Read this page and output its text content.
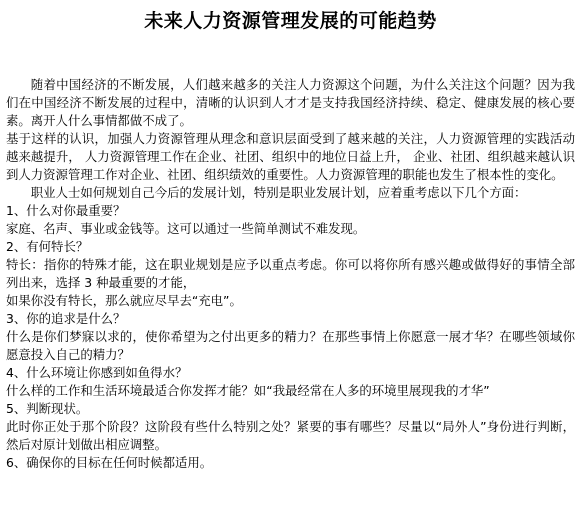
未来人力资源管理发展的可能趋势

随着中国经济的不断发展，人们越来越多的关注人力资源这个问题，为什么关注这个问题？因为我们在中国经济不断发展的过程中，清晰的认识到人才才是支持我国经济持续、稳定、健康发展的核心要素。离开人什么事情都做不成了。

基于这样的认识，加强人力资源管理从理念和意识层面受到了越来越的关注，人力资源管理的实践活动越来越提升， 人力资源管理工作在企业、社团、组织中的地位日益上升， 企业、社团、组织越来越认识到人力资源管理工作对企业、社团、组织绩效的重要性。人力资源管理的职能也发生了根本性的变化。

职业人士如何规划自己今后的发展计划，特别是职业发展计划，应着重考虑以下几个方面：

1、什么对你最重要？

家庭、名声、事业或金钱等。这可以通过一些简单测试不难发现。

2、有何特长？

特长：指你的特殊才能，这在职业规划是应予以重点考虑。你可以将你所有感兴趣或做得好的事情全部列出来，选择 3 种最重要的才能，

如果你没有特长，那么就应尽早去“充电”。

3、你的追求是什么？

什么是你们梦寐以求的，使你希望为之付出更多的精力？在那些事情上你愿意一展才华？在哪些领域你愿意投入自己的精力？

4、什么环境让你感到如鱼得水？

什么样的工作和生活环境最适合你发挥才能？如“我最经常在人多的环境里展现我的才华”

5、判断现状。

此时你正处于那个阶段？这阶段有些什么特别之处？紧要的事有哪些？尽量以“局外人”身份进行判断，然后对原计划做出相应调整。

6、确保你的目标在任何时候都适用。
